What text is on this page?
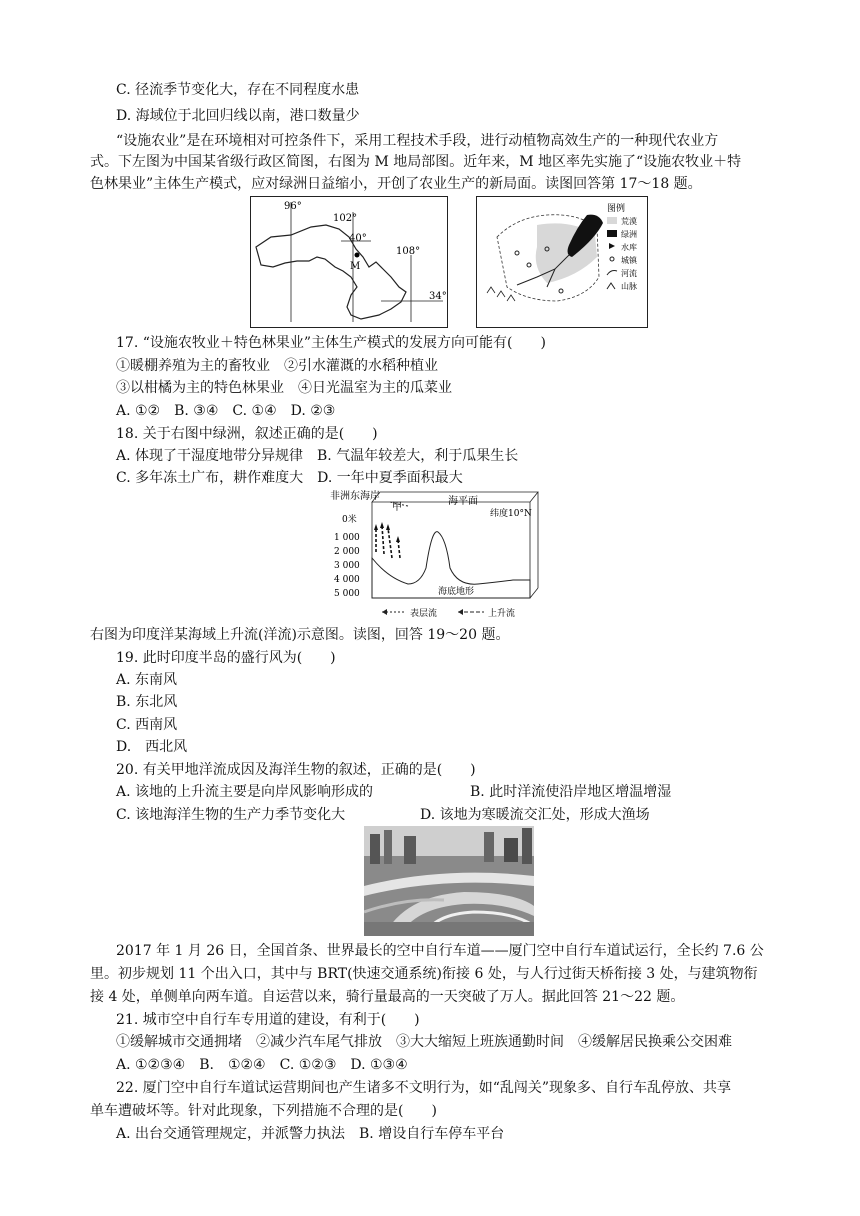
C. 径流季节变化大，存在不同程度水患
D. 海域位于北回归线以南，港口数量少
“设施农业”是在环境相对可控条件下，采用工程技术手段，进行动植物高效生产的一种现代农业方
式。下左图为中国某省级行政区简图，右图为 M 地局部图。近年来，M 地区率先实施了“设施农牧业＋特
色林果业”主体生产模式，应对绿洲日益缩小，开创了农业生产的新局面。读图回答第 17～18 题。
96°
102°
40°
108°
34°
M
图例
荒漠
绿洲
水库
城镇
河流
山脉
17. “设施农牧业＋特色林果业”主体生产模式的发展方向可能有(　　)
①暖棚养殖为主的畜牧业　②引水灌溉的水稻种植业
③以柑橘为主的特色林果业　④日光温室为主的瓜菜业
A. ①②　B. ③④　C. ①④　D. ②③
18. 关于右图中绿洲，叙述正确的是(　　)
A. 体现了干湿度地带分异规律　B. 气温年较差大，利于瓜果生长
C. 多年冻土广布，耕作难度大　D. 一年中夏季面积最大
非洲东海岸
甲
海平面
纬度10°N
0米
1 000
2 000
3 000
4 000
5 000	海底地形
表层流	上升流
右图为印度洋某海域上升流(洋流)示意图。读图，回答 19～20 题。
19. 此时印度半岛的盛行风为(　　)
A. 东南风
B. 东北风
C. 西南风
D.　西北风
20. 有关甲地洋流成因及海洋生物的叙述，正确的是(　　)
A. 该地的上升流主要是向岸风影响形成的	B. 此时洋流使沿岸地区增温增湿
C. 该地海洋生物的生产力季节变化大	D. 该地为寒暖流交汇处，形成大渔场
2017 年 1 月 26 日，全国首条、世界最长的空中自行车道——厦门空中自行车道试运行，全长约 7.6 公
里。初步规划 11 个出入口，其中与 BRT(快速交通系统)衔接 6 处，与人行过街天桥衔接 3 处，与建筑物衔
接 4 处，单侧单向两车道。自运营以来，骑行量最高的一天突破了万人。据此回答 21～22 题。
21. 城市空中自行车专用道的建设，有利于(　　)
①缓解城市交通拥堵　②减少汽车尾气排放　③大大缩短上班族通勤时间　④缓解居民换乘公交困难
A. ①②③④　B.　①②④　C. ①②③　D. ①③④
22. 厦门空中自行车道试运营期间也产生诸多不文明行为，如“乱闯关”现象多、自行车乱停放、共享
单车遭破坏等。针对此现象，下列措施不合理的是(　　)
A. 出台交通管理规定，并派警力执法　B. 增设自行车停车平台
